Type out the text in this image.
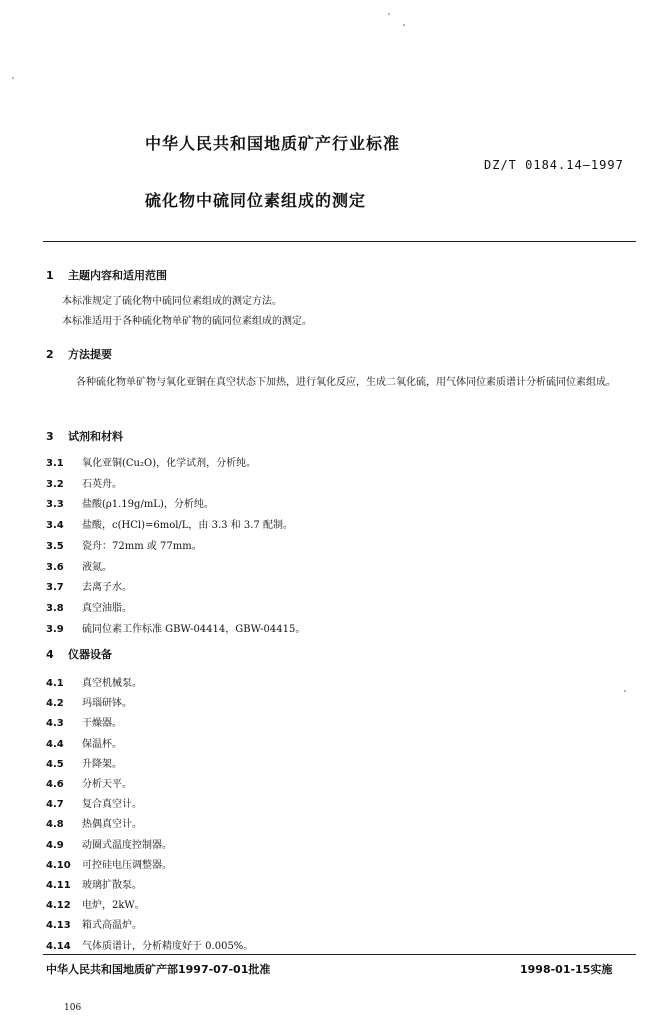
中华人民共和国地质矿产行业标准
DZ/T 0184.14—1997
硫化物中硫同位素组成的测定
1 主题内容和适用范围
本标准规定了硫化物中硫同位素组成的测定方法。
本标准适用于各种硫化物单矿物的硫同位素组成的测定。
2 方法提要
各种硫化物单矿物与氧化亚铜在真空状态下加热，进行氧化反应，生成二氧化硫，用气体同位素质谱计分析硫同位素组成。
3 试剂和材料
3.1 氧化亚铜(Cu₂O)，化学试剂，分析纯。
3.2 石英舟。
3.3 盐酸(ρ1.19g/mL)，分析纯。
3.4 盐酸，c(HCl)=6mol/L，由 3.3 和 3.7 配制。
3.5 瓷舟：72mm 或 77mm。
3.6 液氮。
3.7 去离子水。
3.8 真空油脂。
3.9 硫同位素工作标准 GBW-04414，GBW-04415。
4 仪器设备
4.1 真空机械泵。
4.2 玛瑙研钵。
4.3 干燥器。
4.4 保温杯。
4.5 升降架。
4.6 分析天平。
4.7 复合真空计。
4.8 热偶真空计。
4.9 动圈式温度控制器。
4.10 可控硅电压调整器。
4.11 玻璃扩散泵。
4.12 电炉，2kW。
4.13 箱式高温炉。
4.14 气体质谱计，分析精度好于 0.005%。
中华人民共和国地质矿产部1997-07-01批准	1998-01-15实施
106
